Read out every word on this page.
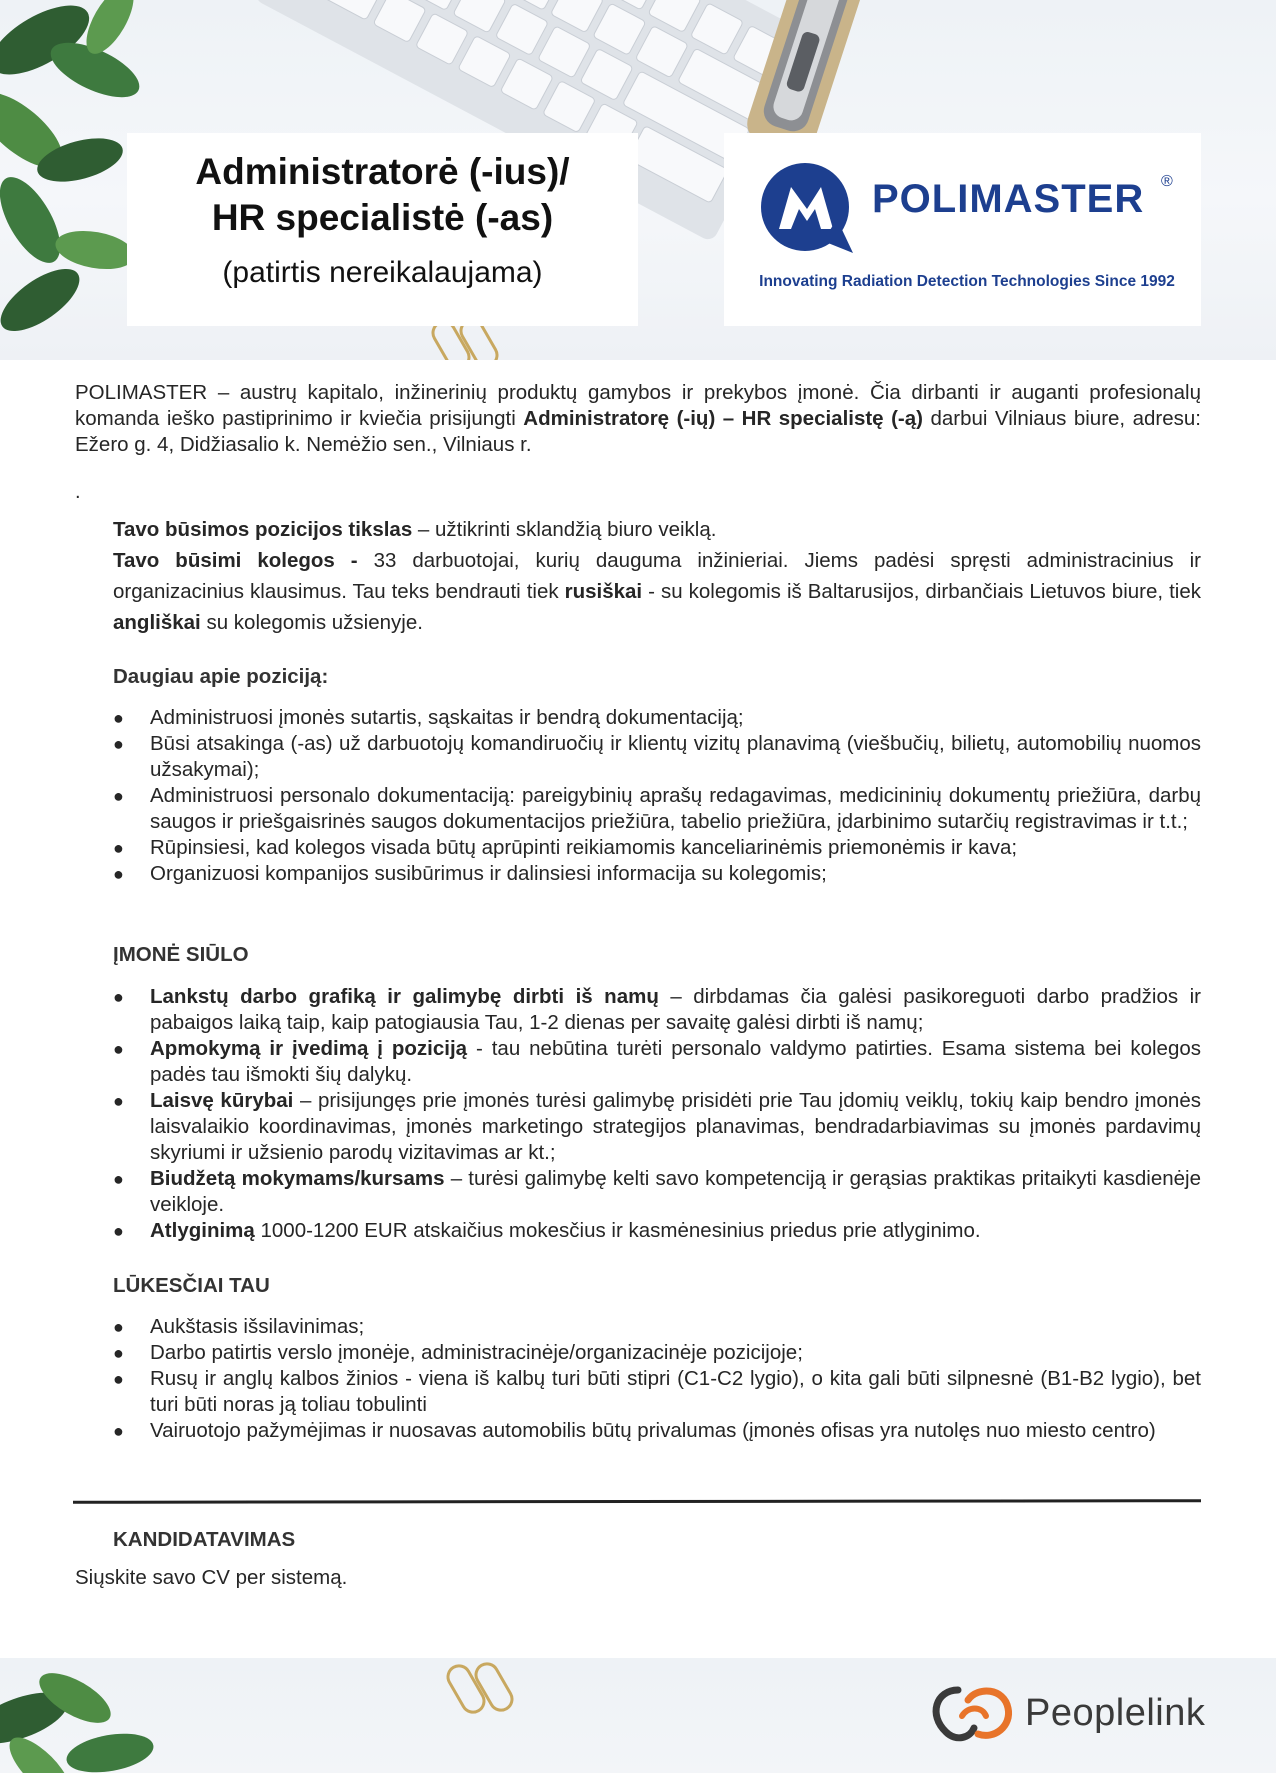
Administratorė (-ius)/
HR specialistė (-as)
(patirtis nereikalaujama)
POLIMASTER ®
Innovating Radiation Detection Technologies Since 1992

POLIMASTER – austrų kapitalo, inžinerinių produktų gamybos ir prekybos įmonė. Čia dirbanti ir auganti profesionalų komanda ieško pastiprinimo ir kviečia prisijungti Administratorę (-ių) – HR specialistę (-ą) darbui Vilniaus biure, adresu: Ežero g. 4, Didžiasalio k. Nemėžio sen., Vilniaus r.

.

Tavo būsimos pozicijos tikslas – užtikrinti sklandžią biuro veiklą.

Tavo būsimi kolegos - 33 darbuotojai, kurių dauguma inžinieriai. Jiems padėsi spręsti administracinius ir organizacinius klausimus. Tau teks bendrauti tiek rusiškai - su kolegomis iš Baltarusijos, dirbančiais Lietuvos biure, tiek angliškai su kolegomis užsienyje.

Daugiau apie poziciją:
● Administruosi įmonės sutartis, sąskaitas ir bendrą dokumentaciją;
● Būsi atsakinga (-as) už darbuotojų komandiruočių ir klientų vizitų planavimą (viešbučių, bilietų, automobilių nuomos užsakymai);
● Administruosi personalo dokumentaciją: pareigybinių aprašų redagavimas, medicininių dokumentų priežiūra, darbų saugos ir priešgaisrinės saugos dokumentacijos priežiūra, tabelio priežiūra, įdarbinimo sutarčių registravimas ir t.t.;
● Rūpinsiesi, kad kolegos visada būtų aprūpinti reikiamomis kanceliarinėmis priemonėmis ir kava;
● Organizuosi kompanijos susibūrimus ir dalinsiesi informacija su kolegomis;
ĮMONĖ SIŪLO
● Lankstų darbo grafiką ir galimybę dirbti iš namų – dirbdamas čia galėsi pasikoreguoti darbo pradžios ir pabaigos laiką taip, kaip patogiausia Tau, 1-2 dienas per savaitę galėsi dirbti iš namų;
● Apmokymą ir įvedimą į poziciją - tau nebūtina turėti personalo valdymo patirties. Esama sistema bei kolegos padės tau išmokti šių dalykų.
● Laisvę kūrybai – prisijungęs prie įmonės turėsi galimybę prisidėti prie Tau įdomių veiklų, tokių kaip bendro įmonės laisvalaikio koordinavimas, įmonės marketingo strategijos planavimas, bendradarbiavimas su įmonės pardavimų skyriumi ir užsienio parodų vizitavimas ar kt.;
● Biudžetą mokymams/kursams – turėsi galimybę kelti savo kompetenciją ir gerąsias praktikas pritaikyti kasdienėje veikloje.
● Atlyginimą 1000-1200 EUR atskaičius mokesčius ir kasmėnesinius priedus prie atlyginimo.
LŪKESČIAI TAU
● Aukštasis išsilavinimas;
● Darbo patirtis verslo įmonėje, administracinėje/organizacinėje pozicijoje;
● Rusų ir anglų kalbos žinios - viena iš kalbų turi būti stipri (C1-C2 lygio), o kita gali būti silpnesnė (B1-B2 lygio), bet turi būti noras ją toliau tobulinti
● Vairuotojo pažymėjimas ir nuosavas automobilis būtų privalumas (įmonės ofisas yra nutolęs nuo miesto centro)
KANDIDATAVIMAS
Siųskite savo CV per sistemą.
Peoplelink
